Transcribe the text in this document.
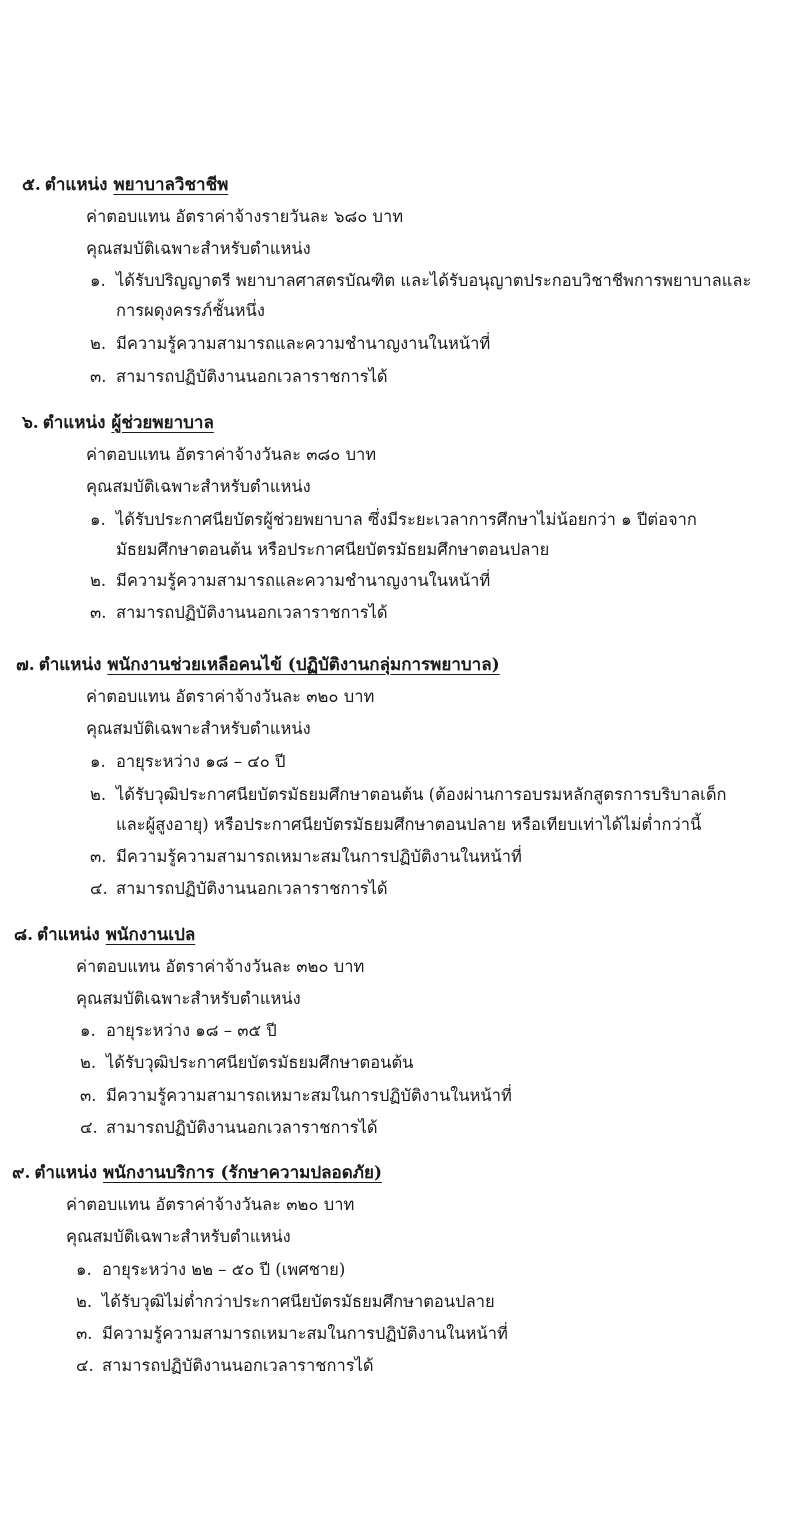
๕. ตำแหน่ง พยาบาลวิชาชีพ
ค่าตอบแทน อัตราค่าจ้างรายวันละ ๖๘๐ บาท
คุณสมบัติเฉพาะสำหรับตำแหน่ง
๑. ได้รับปริญญาตรี พยาบาลศาสตรบัณฑิต และได้รับอนุญาตประกอบวิชาชีพการพยาบาลและ
การผดุงครรภ์ชั้นหนึ่ง
๒. มีความรู้ความสามารถและความชำนาญงานในหน้าที่
๓. สามารถปฏิบัติงานนอกเวลาราชการได้
๖. ตำแหน่ง ผู้ช่วยพยาบาล
ค่าตอบแทน อัตราค่าจ้างวันละ ๓๘๐ บาท
คุณสมบัติเฉพาะสำหรับตำแหน่ง
๑. ได้รับประกาศนียบัตรผู้ช่วยพยาบาล ซึ่งมีระยะเวลาการศึกษาไม่น้อยกว่า ๑ ปีต่อจาก
มัธยมศึกษาตอนต้น หรือประกาศนียบัตรมัธยมศึกษาตอนปลาย
๒. มีความรู้ความสามารถและความชำนาญงานในหน้าที่
๓. สามารถปฏิบัติงานนอกเวลาราชการได้
๗. ตำแหน่ง พนักงานช่วยเหลือคนไข้ (ปฏิบัติงานกลุ่มการพยาบาล)
ค่าตอบแทน อัตราค่าจ้างวันละ ๓๒๐ บาท
คุณสมบัติเฉพาะสำหรับตำแหน่ง
๑. อายุระหว่าง ๑๘ – ๔๐ ปี
๒. ได้รับวุฒิประกาศนียบัตรมัธยมศึกษาตอนต้น (ต้องผ่านการอบรมหลักสูตรการบริบาลเด็ก
และผู้สูงอายุ) หรือประกาศนียบัตรมัธยมศึกษาตอนปลาย หรือเทียบเท่าได้ไม่ต่ำกว่านี้
๓. มีความรู้ความสามารถเหมาะสมในการปฏิบัติงานในหน้าที่
๔. สามารถปฏิบัติงานนอกเวลาราชการได้
๘. ตำแหน่ง พนักงานเปล
ค่าตอบแทน อัตราค่าจ้างวันละ ๓๒๐ บาท
คุณสมบัติเฉพาะสำหรับตำแหน่ง
๑. อายุระหว่าง ๑๘ – ๓๕ ปี
๒. ได้รับวุฒิประกาศนียบัตรมัธยมศึกษาตอนต้น
๓. มีความรู้ความสามารถเหมาะสมในการปฏิบัติงานในหน้าที่
๔. สามารถปฏิบัติงานนอกเวลาราชการได้
๙. ตำแหน่ง พนักงานบริการ (รักษาความปลอดภัย)
ค่าตอบแทน อัตราค่าจ้างวันละ ๓๒๐ บาท
คุณสมบัติเฉพาะสำหรับตำแหน่ง
๑. อายุระหว่าง ๒๒ – ๕๐ ปี (เพศชาย)
๒. ได้รับวุฒิไม่ต่ำกว่าประกาศนียบัตรมัธยมศึกษาตอนปลาย
๓. มีความรู้ความสามารถเหมาะสมในการปฏิบัติงานในหน้าที่
๔. สามารถปฏิบัติงานนอกเวลาราชการได้
